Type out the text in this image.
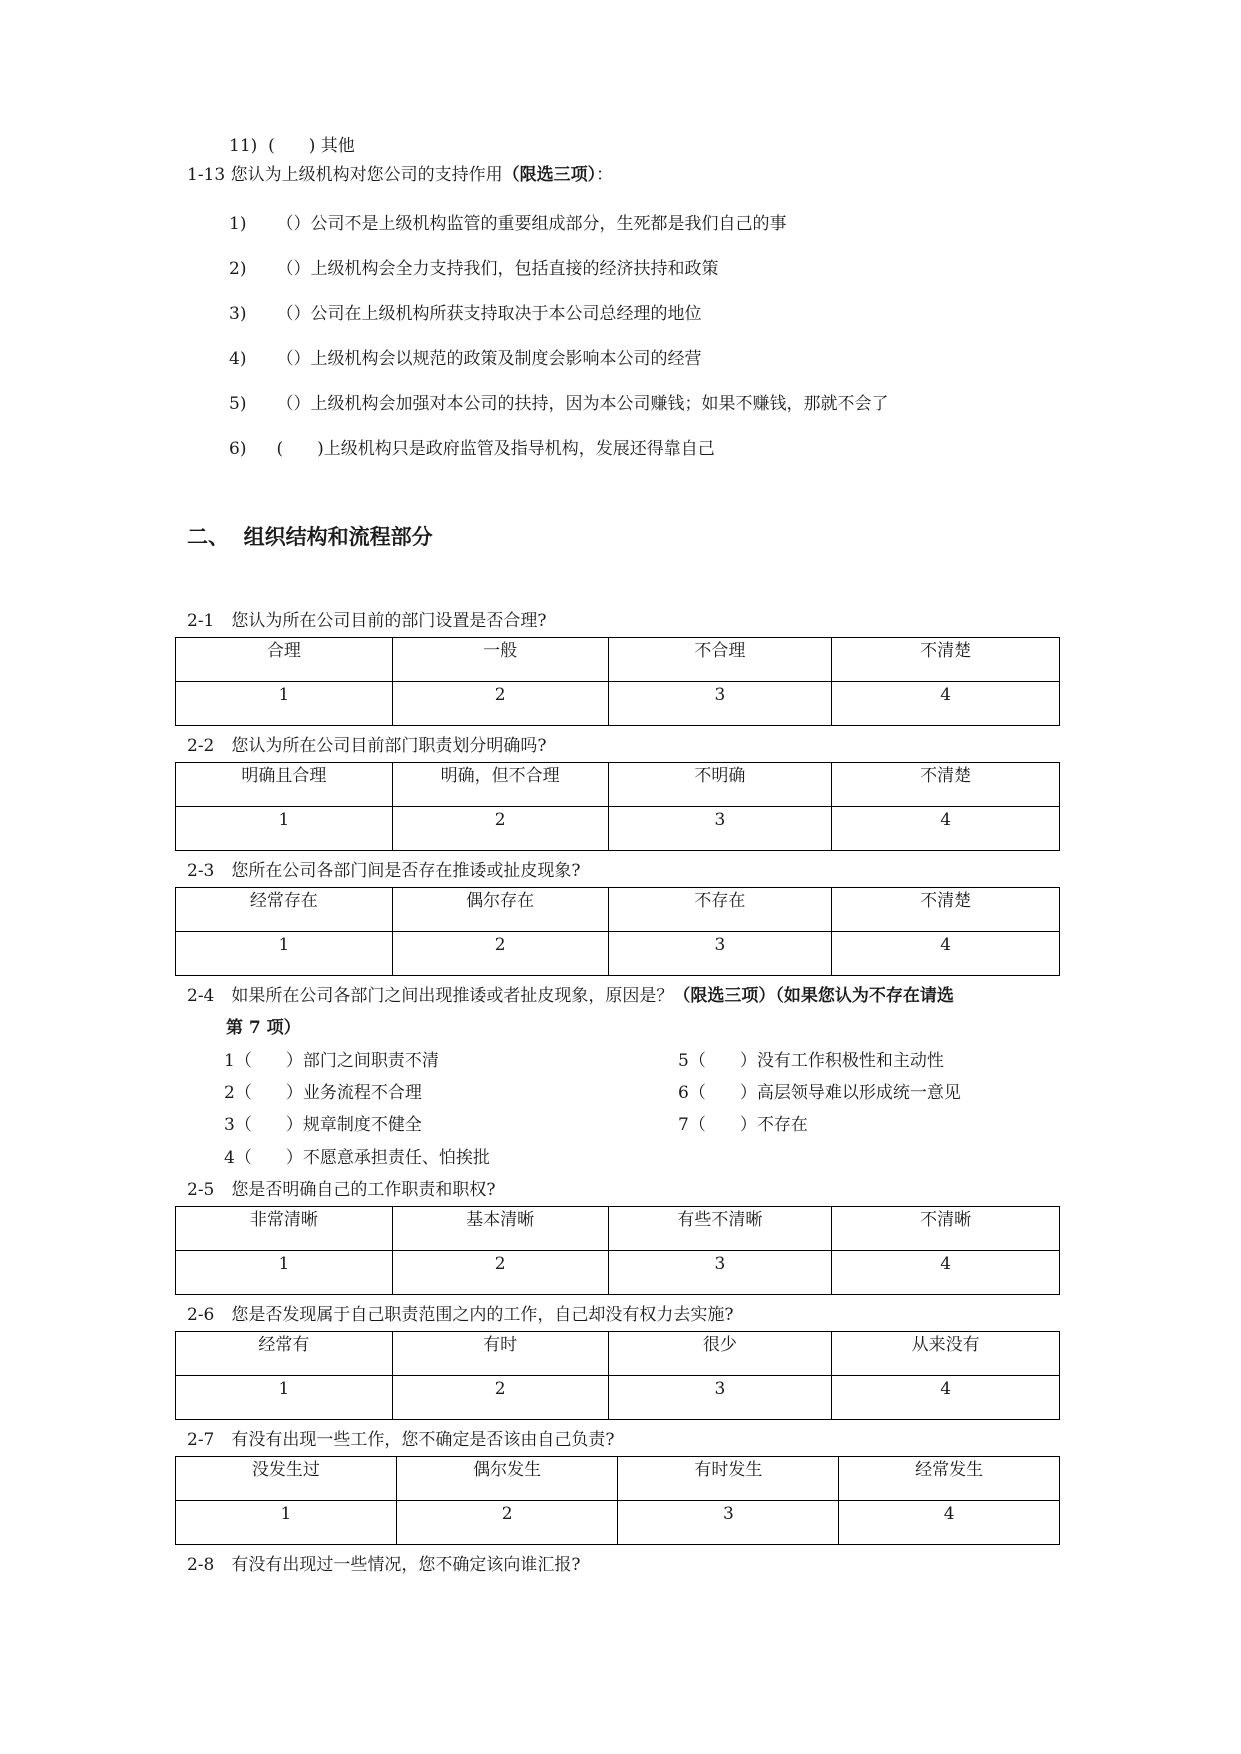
11) (　　) 其他
1-13 您认为上级机构对您公司的支持作用（限选三项）：
1) （）公司不是上级机构监管的重要组成部分，生死都是我们自己的事
2) （）上级机构会全力支持我们，包括直接的经济扶持和政策
3) （）公司在上级机构所获支持取决于本公司总经理的地位
4) （）上级机构会以规范的政策及制度会影响本公司的经营
5) （）上级机构会加强对本公司的扶持，因为本公司赚钱；如果不赚钱，那就不会了
6) (　　)上级机构只是政府监管及指导机构，发展还得靠自己
二、 组织结构和流程部分
2-1　您认为所在公司目前的部门设置是否合理?
合理	一般	不合理	不清楚
1	2	3	4
2-2　您认为所在公司目前部门职责划分明确吗?
明确且合理	明确，但不合理	不明确	不清楚
1	2	3	4
2-3　您所在公司各部门间是否存在推诿或扯皮现象?
经常存在	偶尔存在	不存在	不清楚
1	2	3	4
2-4　如果所在公司各部门之间出现推诿或者扯皮现象，原因是？（限选三项）（如果您认为不存在请选
第 7 项）
1（　　）部门之间职责不清
2（　　）业务流程不合理
3（　　）规章制度不健全
4（　　）不愿意承担责任、怕挨批
5（　　）没有工作积极性和主动性
6（　　）高层领导难以形成统一意见
7（　　）不存在
2-5　您是否明确自己的工作职责和职权?
非常清晰	基本清晰	有些不清晰	不清晰
1	2	3	4
2-6　您是否发现属于自己职责范围之内的工作，自己却没有权力去实施?
经常有	有时	很少	从来没有
1	2	3	4
2-7　有没有出现一些工作，您不确定是否该由自己负责?
没发生过	偶尔发生	有时发生	经常发生
1	2	3	4
2-8　有没有出现过一些情况，您不确定该向谁汇报?
